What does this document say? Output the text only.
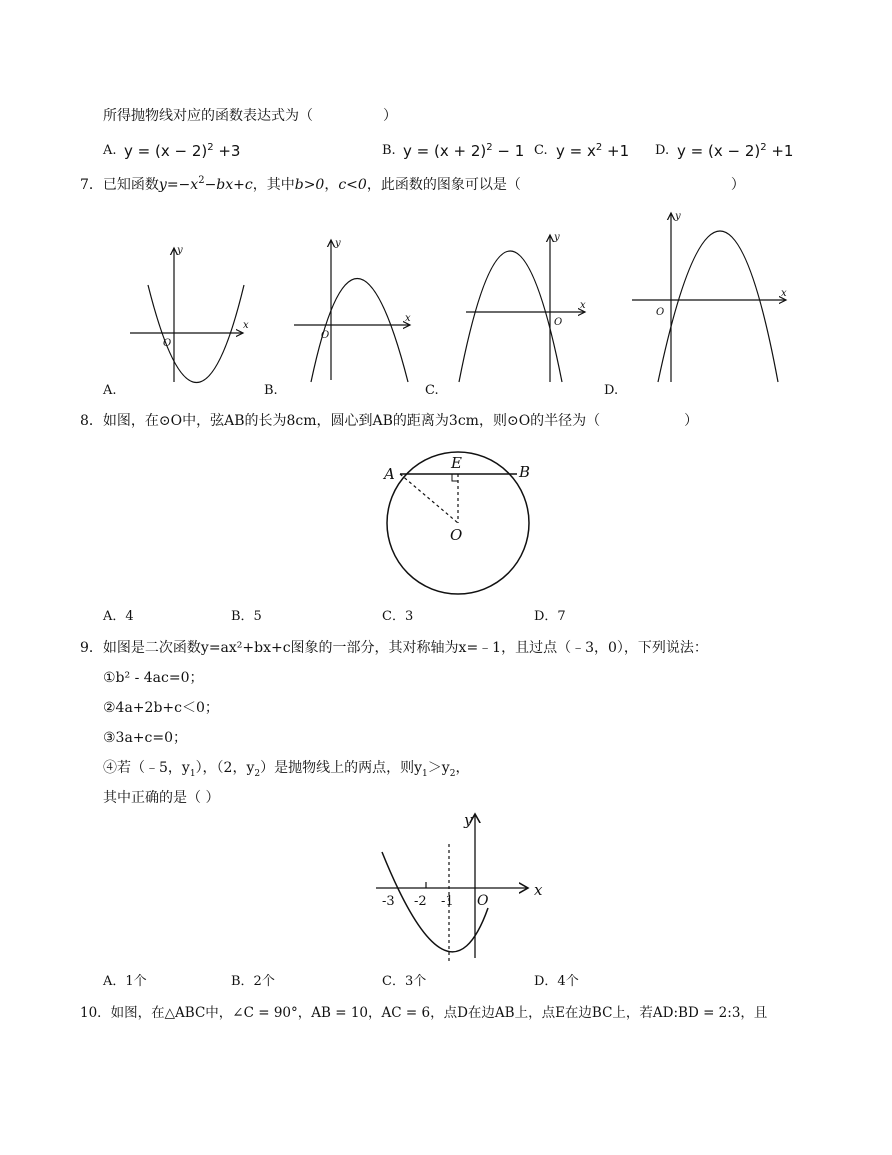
所得抛物线对应的函数表达式为（　　　　　）
A. $y = (x - 2)^2 +3$	B. $y = (x + 2)^2 - 1$ C. $y = x^2 +1$ D. $y = (x - 2)^2 +1$
7．已知函数$y=-x^2-bx+c$，其中b>0，c<0，此函数的图象可以是（　　　　　　　　　　　　　　　）
x
y
O
x
y
O
x
y
O
x
y
O
A.	B.	C.	D.
8．如图，在⊙O中，弦AB的长为8cm，圆心到AB的距离为3cm，则⊙O的半径为（　　　　　　）
A	B
E
O
A．4	B．5	C．3	D．7
9．如图是二次函数y=ax²+bx+c图象的一部分，其对称轴为x=﹣1，且过点（﹣3，0），下列说法：
①b² - 4ac=0；
②4a+2b+c＜0；
③3a+c=0；
④若（﹣5，$y_1$），（2，$y_2$）是抛物线上的两点，则$y_1>y_2$，
其中正确的是（ ）
x
y
O
-3 -2 -1
A．1个	B．2个	C．3个	D．4个
10．如图，在△ABC中，∠C = 90°，AB = 10，AC = 6，点D在边AB上，点E在边BC上，若AD:BD = 2:3，且
